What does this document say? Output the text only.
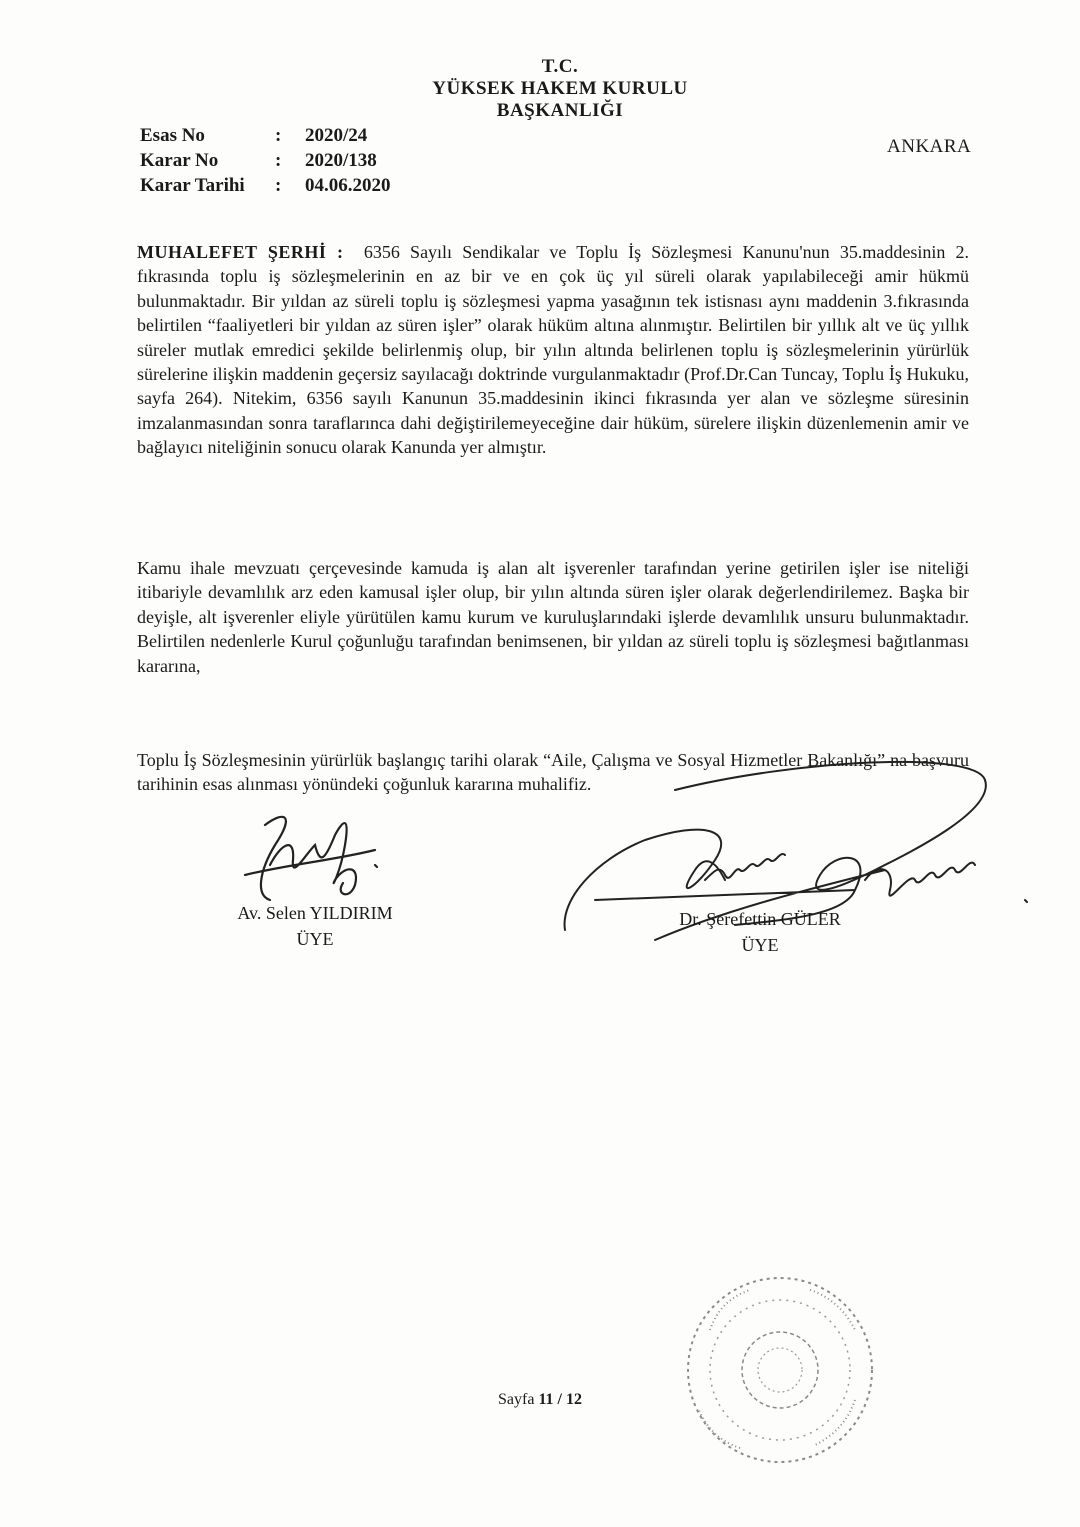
T.C.
YÜKSEK HAKEM KURULU
BAŞKANLIĞI
Esas No	:	2020/24
Karar No	:	2020/138
Karar Tarihi	:	04.06.2020
ANKARA

MUHALEFET ŞERHİ : 6356 Sayılı Sendikalar ve Toplu İş Sözleşmesi Kanunu'nun 35.maddesinin 2. fıkrasında toplu iş sözleşmelerinin en az bir ve en çok üç yıl süreli olarak yapılabileceği amir hükmü bulunmaktadır. Bir yıldan az süreli toplu iş sözleşmesi yapma yasağının tek istisnası aynı maddenin 3.fıkrasında belirtilen “faaliyetleri bir yıldan az süren işler” olarak hüküm altına alınmıştır. Belirtilen bir yıllık alt ve üç yıllık süreler mutlak emredici şekilde belirlenmiş olup, bir yılın altında belirlenen toplu iş sözleşmelerinin yürürlük sürelerine ilişkin maddenin geçersiz sayılacağı doktrinde vurgulanmaktadır (Prof.Dr.Can Tuncay, Toplu İş Hukuku, sayfa 264). Nitekim, 6356 sayılı Kanunun 35.maddesinin ikinci fıkrasında yer alan ve sözleşme süresinin imzalanmasından sonra taraflarınca dahi değiştirilemeyeceğine dair hüküm, sürelere ilişkin düzenlemenin amir ve bağlayıcı niteliğinin sonucu olarak Kanunda yer almıştır.

Kamu ihale mevzuatı çerçevesinde kamuda iş alan alt işverenler tarafından yerine getirilen işler ise niteliği itibariyle devamlılık arz eden kamusal işler olup, bir yılın altında süren işler olarak değerlendirilemez. Başka bir deyişle, alt işverenler eliyle yürütülen kamu kurum ve kuruluşlarındaki işlerde devamlılık unsuru bulunmaktadır. Belirtilen nedenlerle Kurul çoğunluğu tarafından benimsenen, bir yıldan az süreli toplu iş sözleşmesi bağıtlanması kararına,

Toplu İş Sözleşmesinin yürürlük başlangıç tarihi olarak “Aile, Çalışma ve Sosyal Hizmetler Bakanlığı” na başvuru tarihinin esas alınması yönündeki çoğunluk kararına muhalifiz.

Av. Selen YILDIRIM
ÜYE
Dr. Şerefettin GÜLER
ÜYE
Sayfa 11 / 12
